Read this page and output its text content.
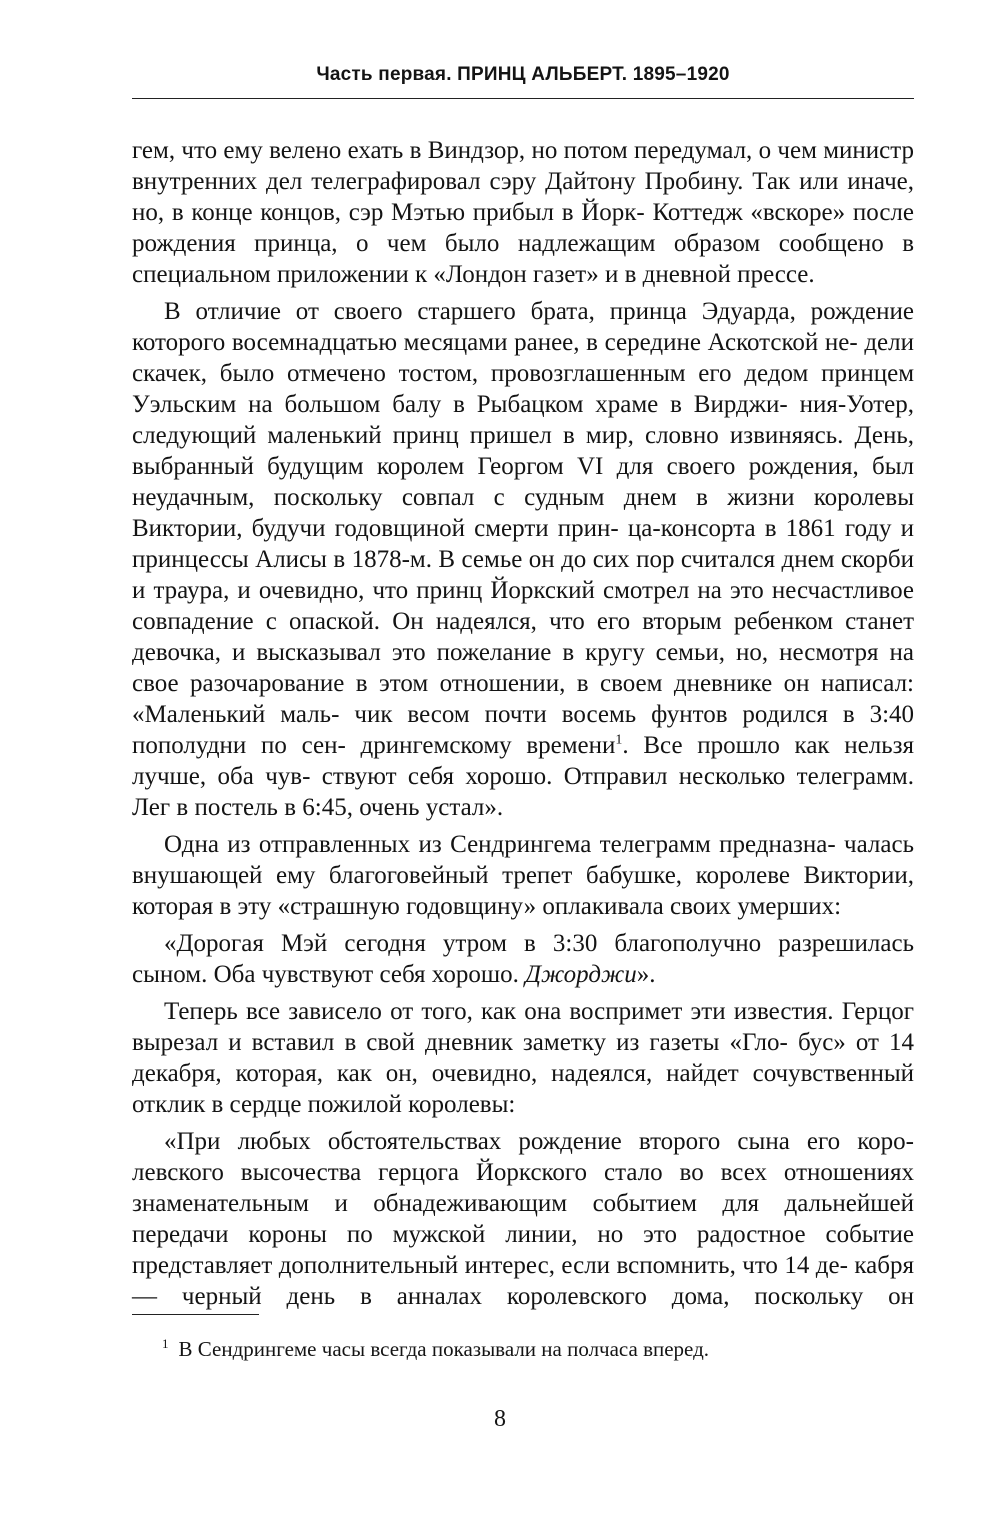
Часть первая. ПРИНЦ АЛЬБЕРТ. 1895–1920

гем, что ему велено ехать в Виндзор, но потом передумал, о чем министр внутренних дел телеграфировал сэру Дайтону Пробину. Так или иначе, но, в конце концов, сэр Мэтью прибыл в Йорк- Коттедж «вскоре» после рождения принца, о чем было надлежащим образом сообщено в специальном приложении к «Лондон газет» и в дневной прессе.

В отличие от своего старшего брата, принца Эдуарда, рождение которого восемнадцатью месяцами ранее, в середине Аскотской не- дели скачек, было отмечено тостом, провозглашенным его дедом принцем Уэльским на большом балу в Рыбацком храме в Вирджи- ния-Уотер, следующий маленький принц пришел в мир, словно извиняясь. День, выбранный будущим королем Георгом VI для своего рождения, был неудачным, поскольку совпал с судным днем в жизни королевы Виктории, будучи годовщиной смерти прин- ца-консорта в 1861 году и принцессы Алисы в 1878-м. В семье он до сих пор считался днем скорби и траура, и очевидно, что принц Йоркский смотрел на это несчастливое совпадение с опаской. Он надеялся, что его вторым ребенком станет девочка, и высказывал это пожелание в кругу семьи, но, несмотря на свое разочарование в этом отношении, в своем дневнике он написал: «Маленький маль- чик весом почти восемь фунтов родился в 3:40 пополудни по сен- дрингемскому времени$^1$. Все прошло как нельзя лучше, оба чув- ствуют себя хорошо. Отправил несколько телеграмм. Лег в постель в 6:45, очень устал».

Одна из отправленных из Сендрингема телеграмм предназна- чалась внушающей ему благоговейный трепет бабушке, королеве Виктории, которая в эту «страшную годовщину» оплакивала своих умерших:

«Дорогая Мэй сегодня утром в 3:30 благополучно разрешилась сыном. Оба чувствуют себя хорошо. Джорджи».

Теперь все зависело от того, как она воспримет эти известия. Герцог вырезал и вставил в свой дневник заметку из газеты «Гло- бус» от 14 декабря, которая, как он, очевидно, надеялся, найдет сочувственный отклик в сердце пожилой королевы:

«При любых обстоятельствах рождение второго сына его коро- левского высочества герцога Йоркского стало во всех отношениях знаменательным и обнадеживающим событием для дальнейшей передачи короны по мужской линии, но это радостное событие представляет дополнительный интерес, если вспомнить, что 14 де- кабря — черный день в анналах королевского дома, поскольку он

$^1$ В Сендрингеме часы всегда показывали на полчаса вперед.
8
